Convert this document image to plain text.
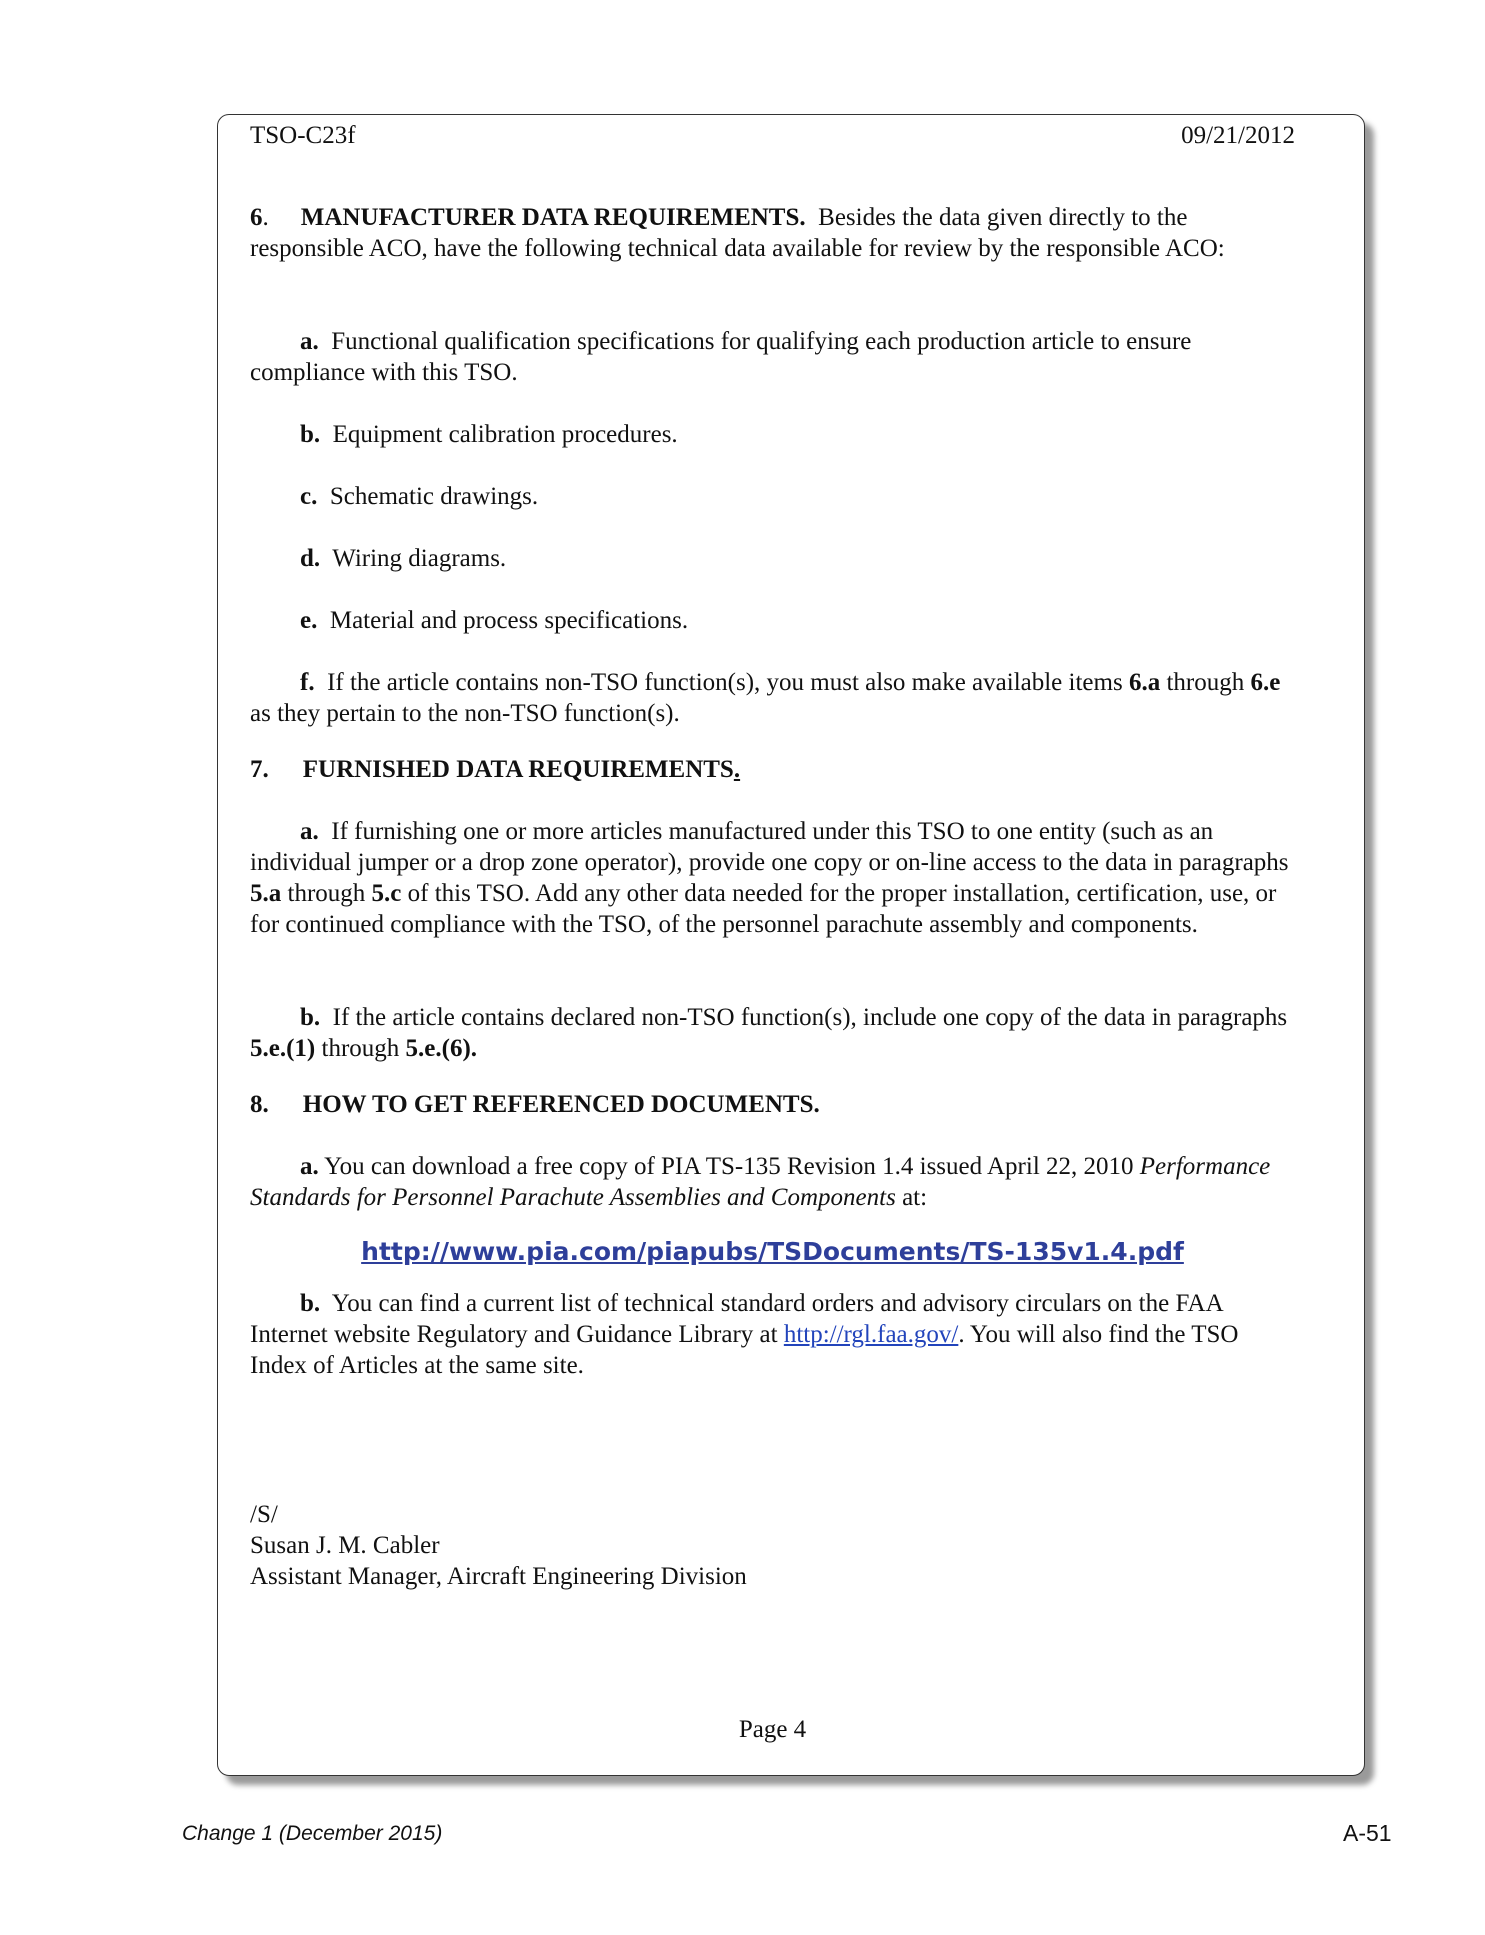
TSO-C23f	09/21/2012

6. MANUFACTURER DATA REQUIREMENTS. Besides the data given directly to the responsible ACO, have the following technical data available for review by the responsible ACO:

a. Functional qualification specifications for qualifying each production article to ensure compliance with this TSO.

b. Equipment calibration procedures.

c. Schematic drawings.

d. Wiring diagrams.

e. Material and process specifications.

f. If the article contains non-TSO function(s), you must also make available items 6.a through 6.e as they pertain to the non-TSO function(s).

7. FURNISHED DATA REQUIREMENTS.

a. If furnishing one or more articles manufactured under this TSO to one entity (such as an individual jumper or a drop zone operator), provide one copy or on-line access to the data in paragraphs 5.a through 5.c of this TSO. Add any other data needed for the proper installation, certification, use, or for continued compliance with the TSO, of the personnel parachute assembly and components.

b. If the article contains declared non-TSO function(s), include one copy of the data in paragraphs 5.e.(1) through 5.e.(6).

8. HOW TO GET REFERENCED DOCUMENTS.

a. You can download a free copy of PIA TS-135 Revision 1.4 issued April 22, 2010 Performance Standards for Personnel Parachute Assemblies and Components at:

http://www.pia.com/piapubs/TSDocuments/TS-135v1.4.pdf

b. You can find a current list of technical standard orders and advisory circulars on the FAA Internet website Regulatory and Guidance Library at http://rgl.faa.gov/. You will also find the TSO Index of Articles at the same site.

/S/

Susan J. M. Cabler

Assistant Manager, Aircraft Engineering Division

Page 4
Change 1 (December 2015)	A-51
